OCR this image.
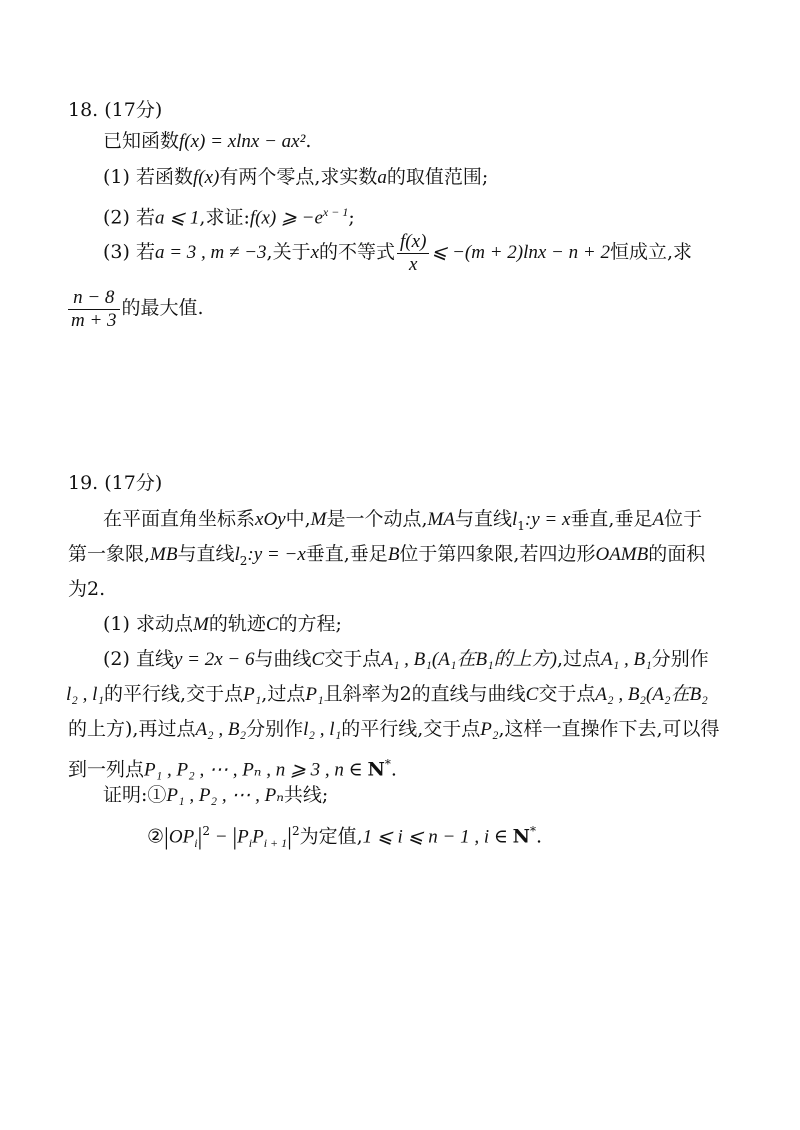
18. (17分)
已知函数f(x) = xlnx − ax².
(1) 若函数f(x)有两个零点,求实数a的取值范围;
(2) 若a ⩽ 1,求证:f(x) ⩾ $-e^{x - 1}$;
(3) 若a = 3 , m ≠ −3,关于x的不等式 $\frac{f(x)}{x}$ ⩽ −(m + 2)lnx − n + 2恒成立,求
$\frac{n - 8}{m + 3}$ 的最大值.
19. (17分)
在平面直角坐标系xOy中,M是一个动点,MA与直线$l_1:y = x$垂直,垂足A位于
第一象限,MB与直线$l_2:y = -x$垂直,垂足B位于第四象限,若四边形OAMB的面积
为2.
(1) 求动点M的轨迹C的方程;
(2) 直线y = 2x − 6与曲线C交于点A₁ , B₁(A₁在B₁的上方),过点A₁ , B₁分别作
l₂ , l₁的平行线,交于点P₁,过点P₁且斜率为2的直线与曲线C交于点A₂ , B₂(A₂在B₂
的上方),再过点A₂ , B₂分别作l₂ , l₁的平行线,交于点P₂,这样一直操作下去,可以得
到一列点P₁ , P₂ , ⋯ , Pₙ , n ⩾ 3 , n ∈ N*.
证明:①P₁ , P₂ , ⋯ , Pₙ共线;
$②|OP_i|^2 - |P_iP_{i + 1}|^2$为定值,1 ⩽ i ⩽ n − 1 , i ∈ N*.
